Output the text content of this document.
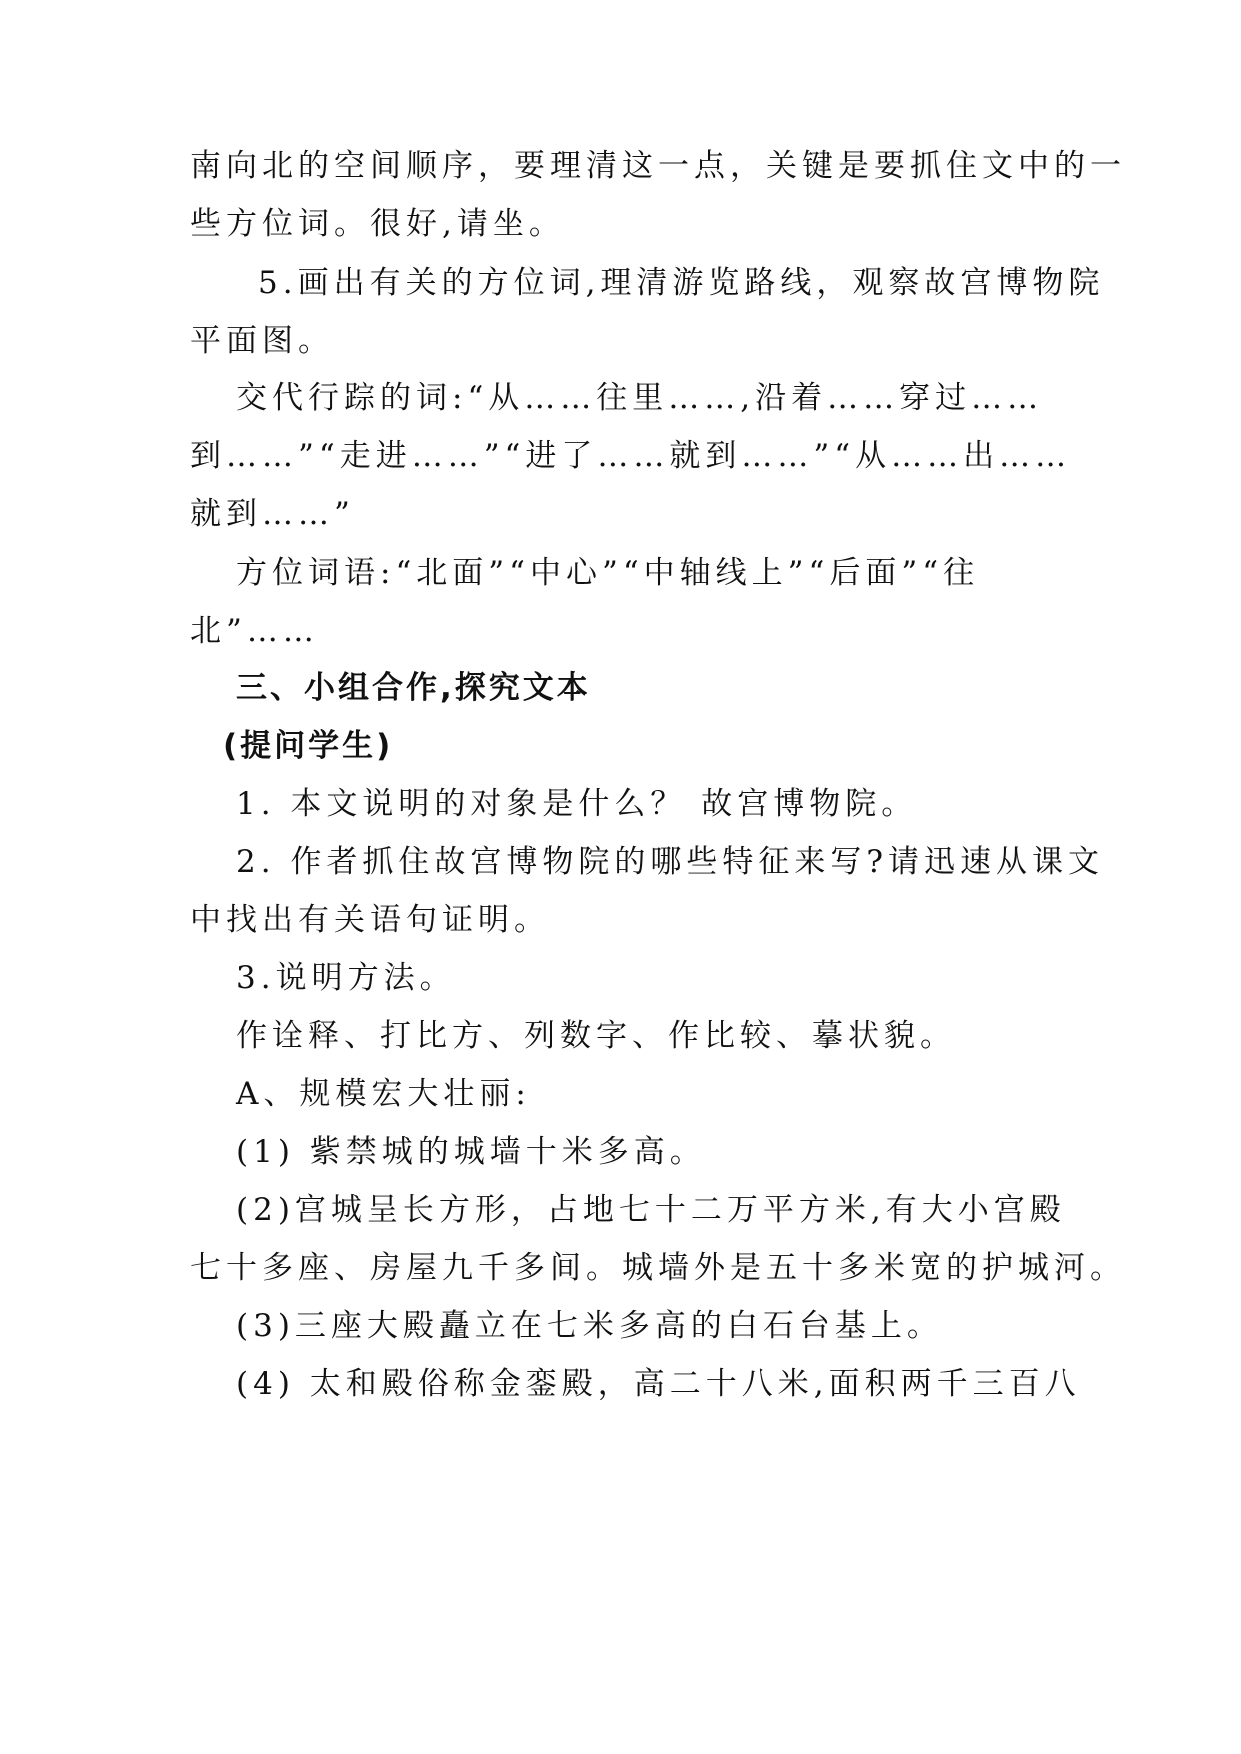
南向北的空间顺序，要理清这一点，关键是要抓住文中的一
些方位词。很好,请坐。
5.画出有关的方位词,理清游览路线，观察故宫博物院
平面图。
交代行踪的词:“从……往里……,沿着……穿过……
到……”“走进……”“进了……就到……”“从……出……
就到……”
方位词语:“北面”“中心”“中轴线上”“后面”“往
北”……
三、小组合作,探究文本
(提问学生)
1. 本文说明的对象是什么？ 故宫博物院。
2. 作者抓住故宫博物院的哪些特征来写?请迅速从课文
中找出有关语句证明。
3.说明方法。
作诠释、打比方、列数字、作比较、摹状貌。
A、规模宏大壮丽:
(1) 紫禁城的城墙十米多高。
(2)宫城呈长方形，占地七十二万平方米,有大小宫殿
七十多座、房屋九千多间。城墙外是五十多米宽的护城河。
(3)三座大殿矗立在七米多高的白石台基上。
(4) 太和殿俗称金銮殿，高二十八米,面积两千三百八
